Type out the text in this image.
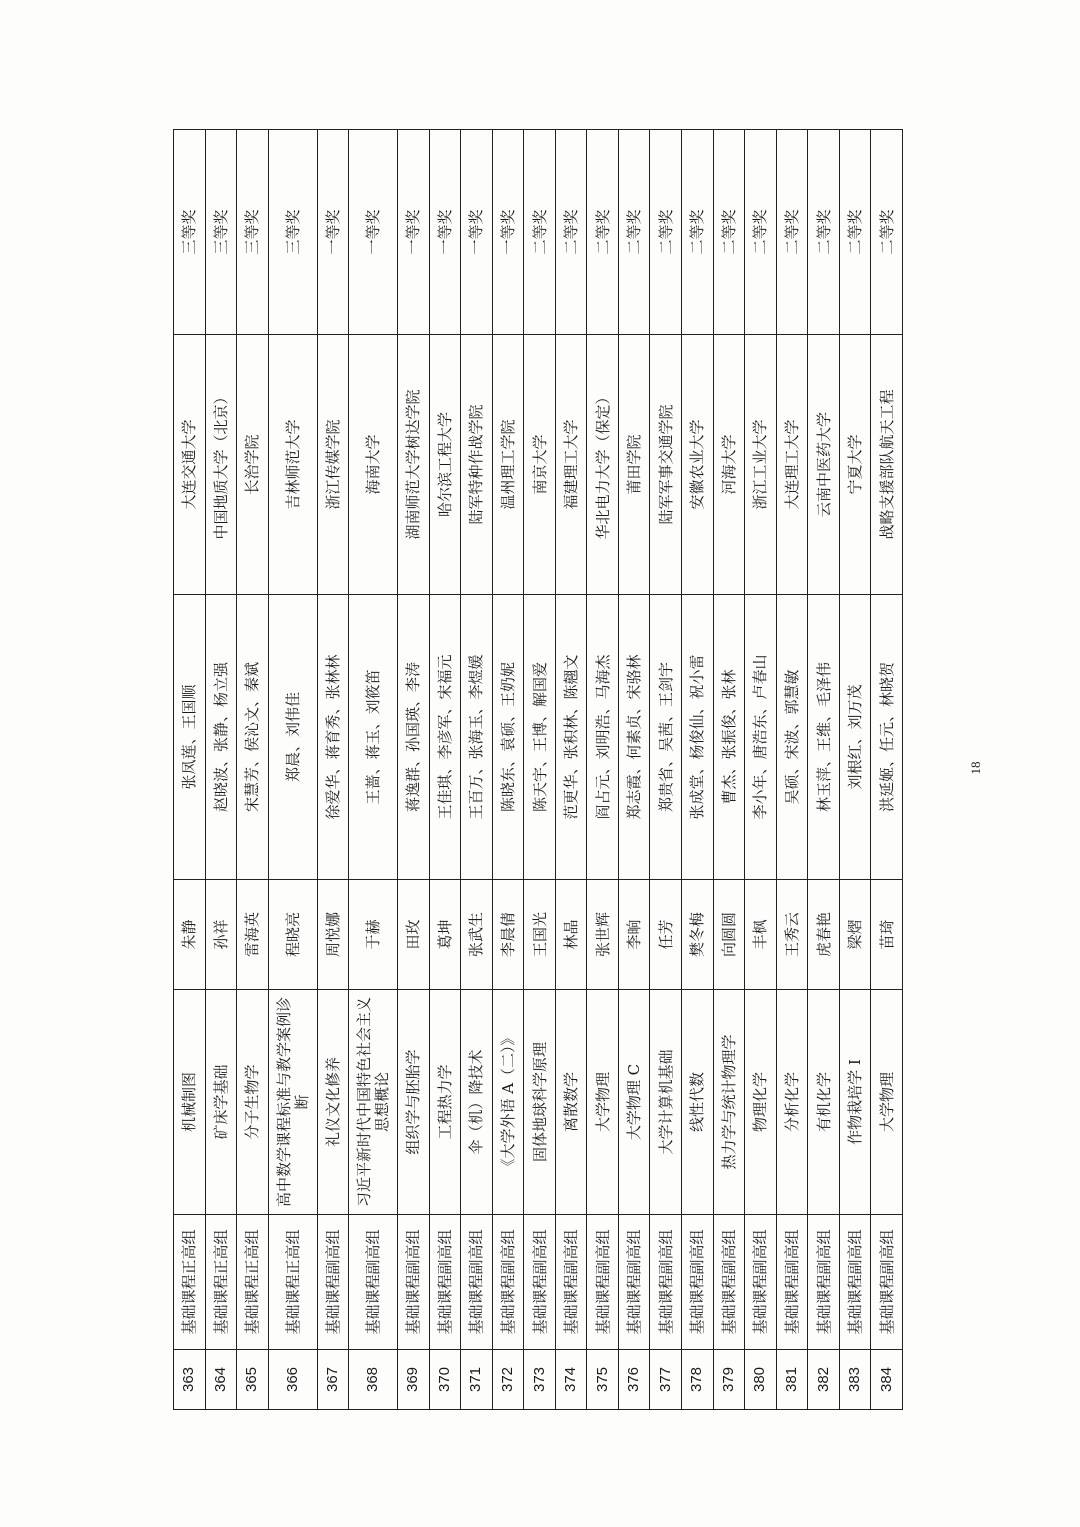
363	基础课程正高组	机械制图	朱静	张凤莲、王国顺	大连交通大学	三等奖
364	基础课程正高组	矿床学基础	孙祥	赵晓波、张静、杨立强	中国地质大学（北京）	三等奖
365	基础课程正高组	分子生物学	雷海英	宋慧芳、侯沁文、秦斌	长治学院	三等奖
366	基础课程正高组	高中数学课程标准与教学案例诊断	程晓亮	郑晨、刘伟佳	吉林师范大学	三等奖
367	基础课程副高组	礼仪文化修养	周悦娜	徐爱华、蒋育秀、张林林	浙江传媒学院	一等奖
368	基础课程副高组	习近平新时代中国特色社会主义思想概论	于赫	王蔷、蒋玉、刘筱笛	海南大学	一等奖
369	基础课程副高组	组织学与胚胎学	田玫	蒋逸群、孙国瑛、李涛	湖南师范大学树达学院	一等奖
370	基础课程副高组	工程热力学	葛坤	王佳琪、李彦军、宋福元	哈尔滨工程大学	一等奖
371	基础课程副高组	伞（机）降技术	张武生	王百万、张海玉、李煜媛	陆军特种作战学院	一等奖
372	基础课程副高组	《大学外语 A（二）》	李晨倩	陈晓东、袁硕、王奶妮	温州理工学院	一等奖
373	基础课程副高组	固体地球科学原理	王国光	陈天宇、王博、解国爱	南京大学	二等奖
374	基础课程副高组	离散数学	林晶	范更华、张积林、陈翹文	福建理工大学	二等奖
375	基础课程副高组	大学物理	张世辉	阎占元、刘明浩、马海杰	华北电力大学（保定）	二等奖
376	基础课程副高组	大学物理 C	李晌	郑志霞、何素贞、宋骆林	莆田学院	二等奖
377	基础课程副高组	大学计算机基础	任芳	郑贵省、吴茜、王剑宇	陆军军事交通学院	二等奖
378	基础课程副高组	线性代数	樊冬梅	张成堂、杨俊仙、祝小雷	安徽农业大学	二等奖
379	基础课程副高组	热力学与统计物理学	向圆圆	曹杰、张振俊、张林	河海大学	二等奖
380	基础课程副高组	物理化学	丰枫	李小年、唐浩东、卢春山	浙江工业大学	二等奖
381	基础课程副高组	分析化学	王秀云	吴硕、宋波、郭慧敏	大连理工大学	二等奖
382	基础课程副高组	有机化学	虎春艳	林玉萍、王维、毛泽伟	云南中医药大学	二等奖
383	基础课程副高组	作物栽培学 I	梁熠	刘根红、刘万茂	宁夏大学	二等奖
384	基础课程副高组	大学物理	苗琦	洪延姬、任元、林晓贺	战略支援部队航天工程	二等奖
18
